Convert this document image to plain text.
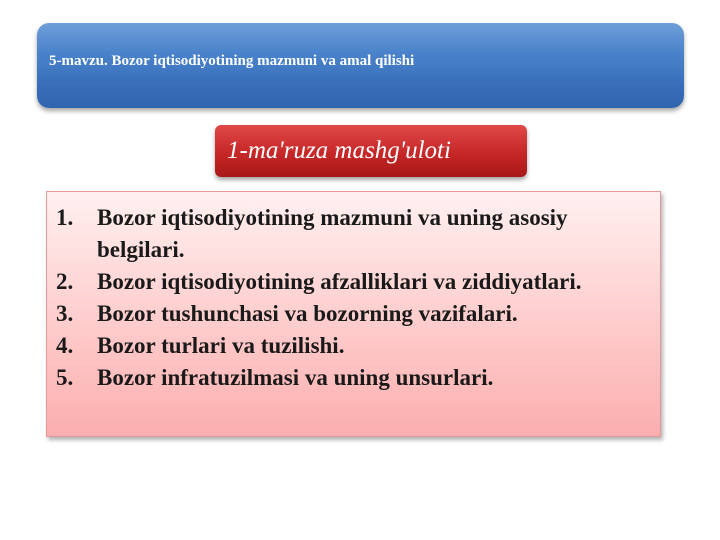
5-mavzu. Bozor iqtisodiyotining mazmuni va amal qilishi
1-ma'ruza mashg'uloti
1. Bozor iqtisodiyotining mazmuni va uning asosiy belgilari.
2. Bozor iqtisodiyotining afzalliklari va ziddiyatlari.
3. Bozor tushunchasi va bozorning vazifalari.
4. Bozor turlari va tuzilishi.
5. Bozor infratuzilmasi va uning unsurlari.
